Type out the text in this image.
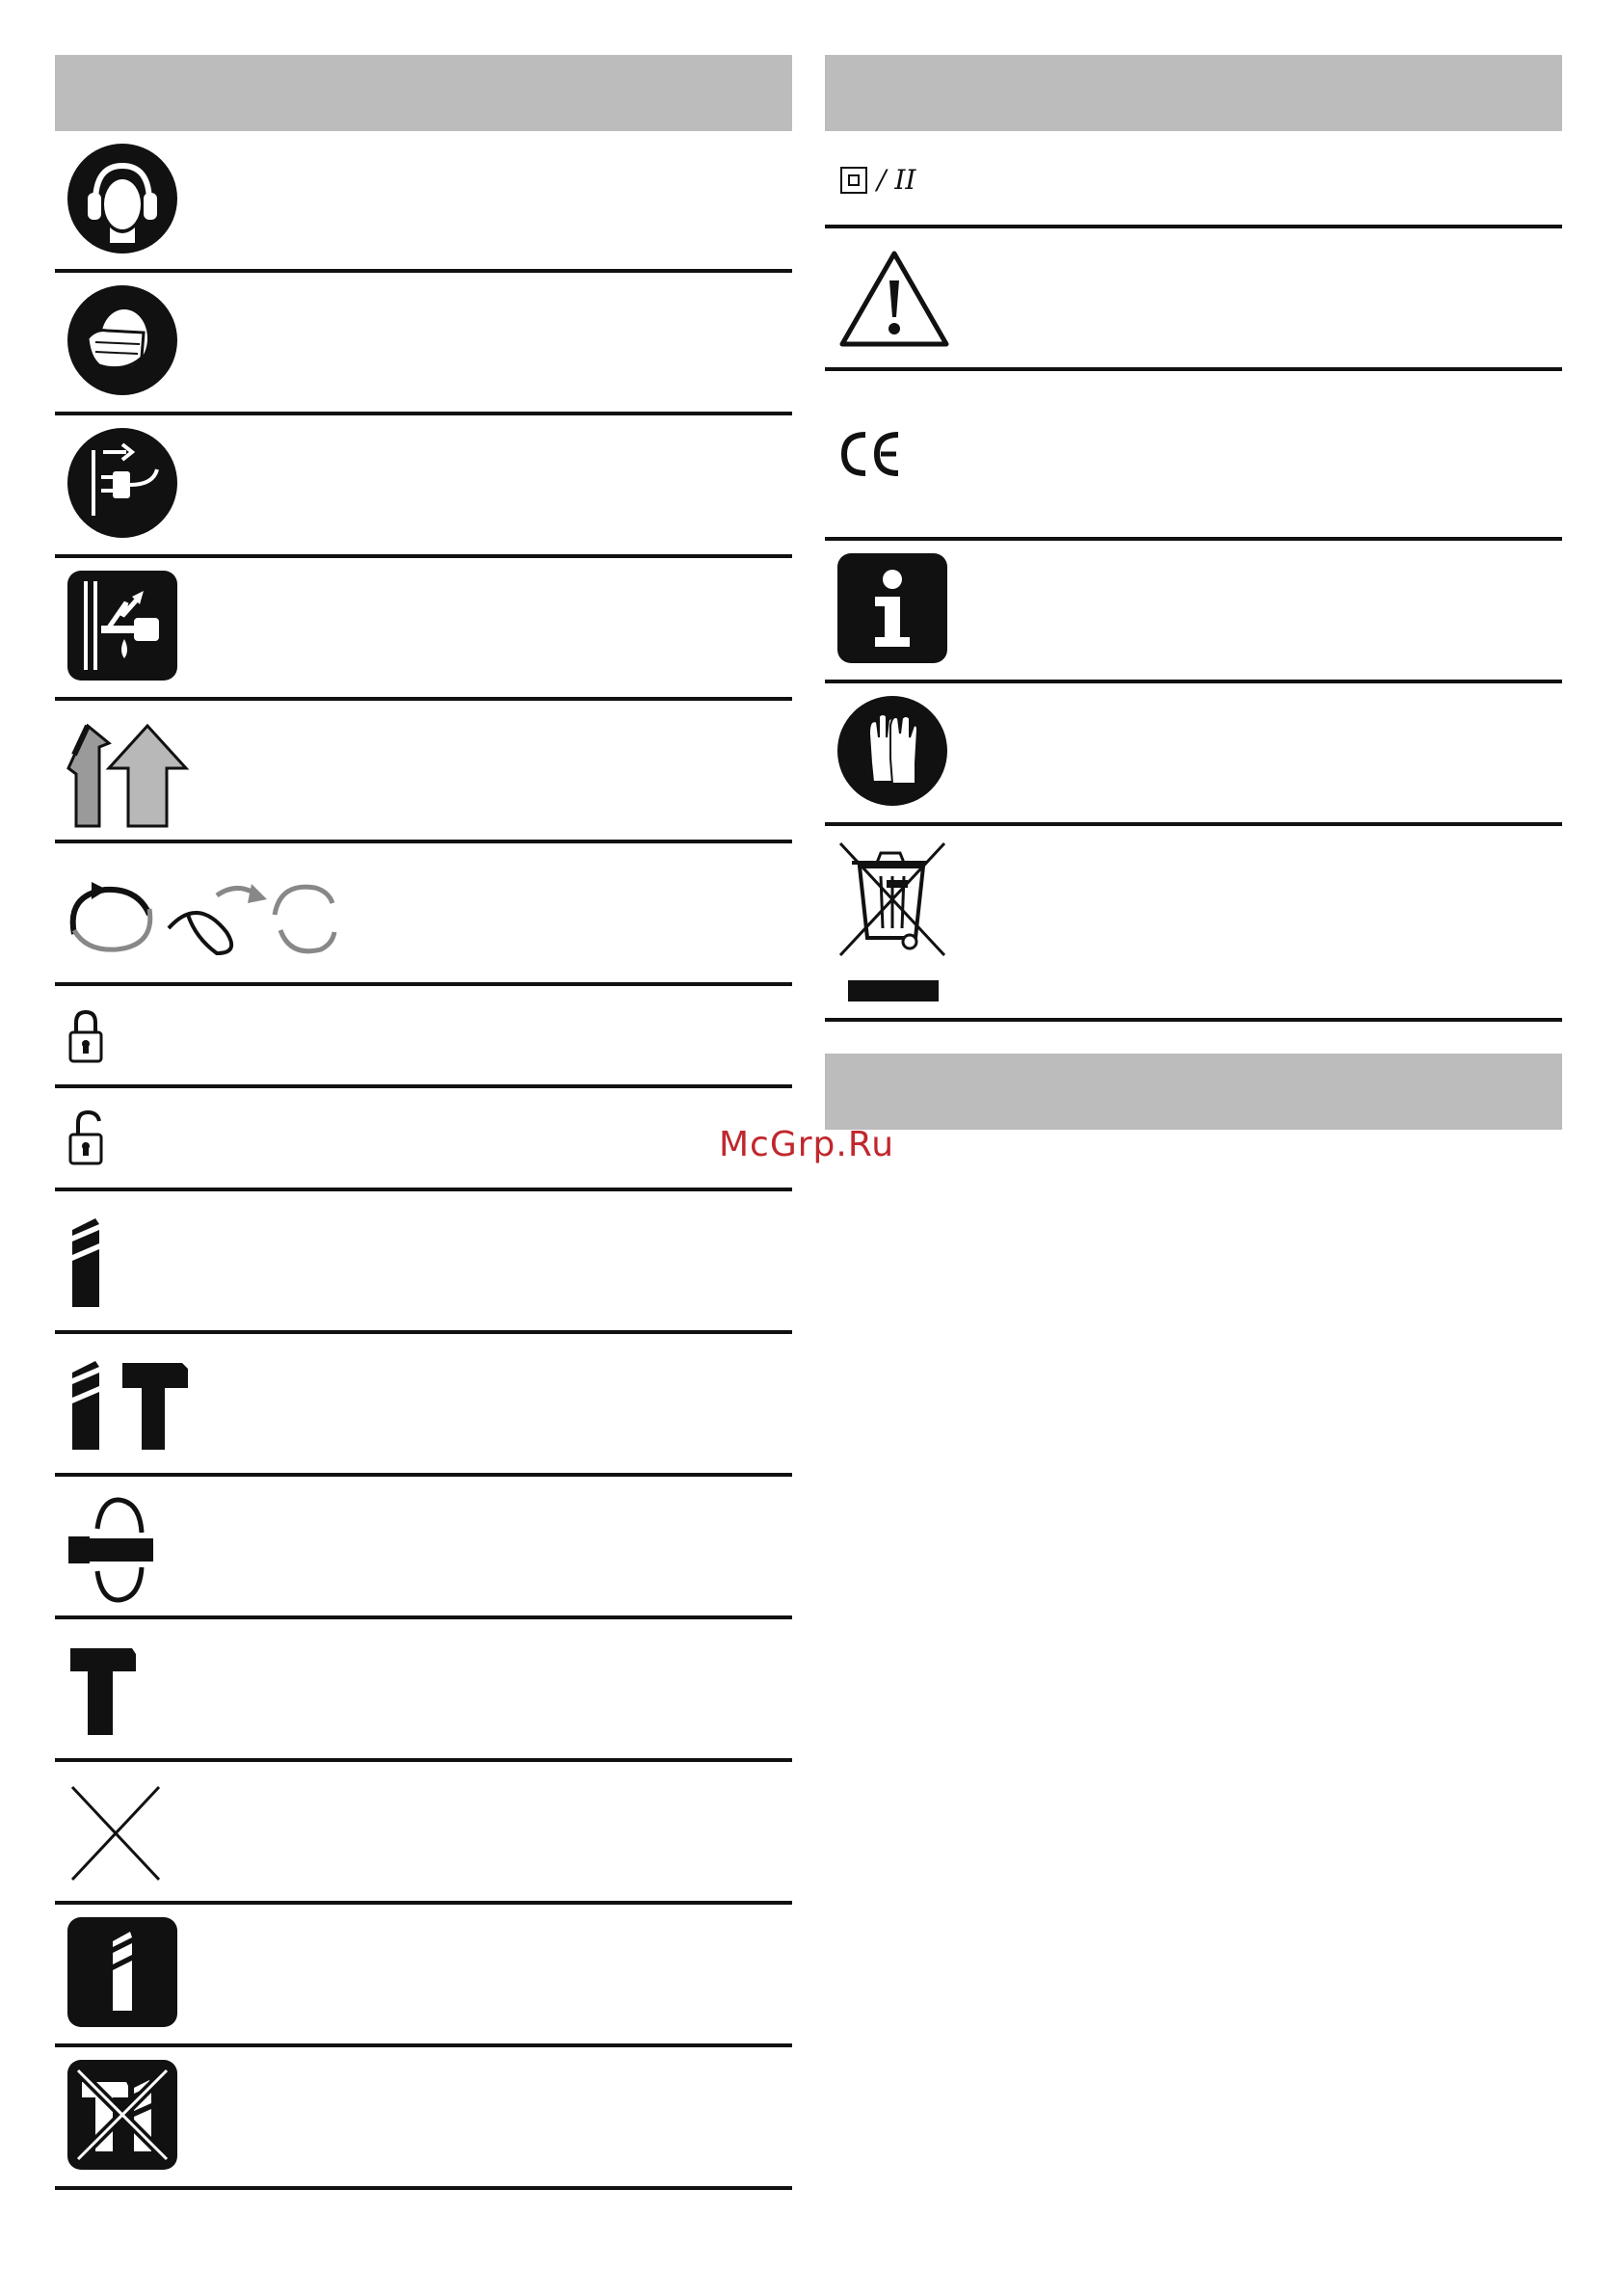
/ II
McGrp.Ru
